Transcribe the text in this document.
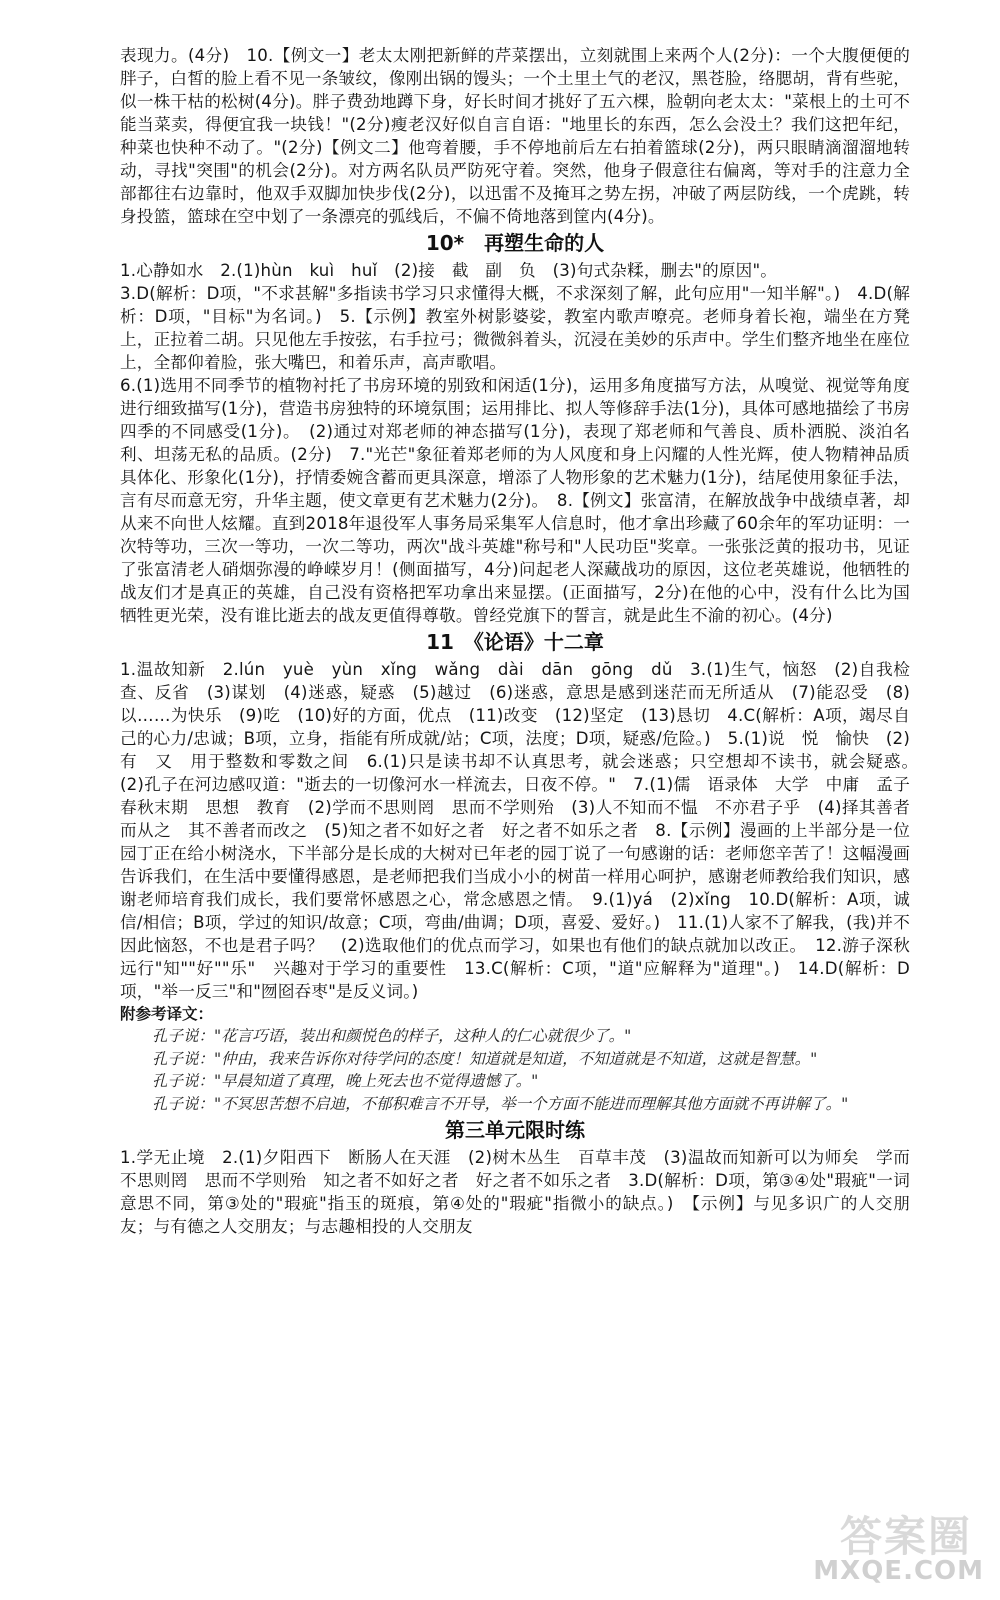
表现力。(4分)　10.【例文一】老太太刚把新鲜的芹菜摆出，立刻就围上来两个人(2分)：一个大腹便便的胖子，白皙的脸上看不见一条皱纹，像刚出锅的馒头；一个土里土气的老汉，黑苍脸，络腮胡，背有些驼，似一株干枯的松树(4分)。胖子费劲地蹲下身，好长时间才挑好了五六棵，脸朝向老太太："菜根上的土可不能当菜卖，得便宜我一块钱！"(2分)瘦老汉好似自言自语："地里长的东西，怎么会没土？我们这把年纪，种菜也快种不动了。"(2分)【例文二】他弯着腰，手不停地前后左右拍着篮球(2分)，两只眼睛滴溜溜地转动，寻找"突围"的机会(2分)。对方两名队员严防死守着。突然，他身子假意往右偏离，等对手的注意力全部都往右边靠时，他双手双脚加快步伐(2分)，以迅雷不及掩耳之势左拐，冲破了两层防线，一个虎跳，转身投篮，篮球在空中划了一条漂亮的弧线后，不偏不倚地落到筐内(4分)。

10*　再塑生命的人

1.心静如水　2.(1)hùn　kuì　huǐ　(2)接　截　副　负　(3)句式杂糅，删去"的原因"。

3.D(解析：D项，"不求甚解"多指读书学习只求懂得大概，不求深刻了解，此句应用"一知半解"。)　4.D(解析：D项，"目标"为名词。)　5.【示例】教室外树影婆娑，教室内歌声嘹亮。老师身着长袍，端坐在方凳上，正拉着二胡。只见他左手按弦，右手拉弓；微微斜着头，沉浸在美妙的乐声中。学生们整齐地坐在座位上，全都仰着脸，张大嘴巴，和着乐声，高声歌唱。

6.(1)选用不同季节的植物衬托了书房环境的别致和闲适(1分)，运用多角度描写方法，从嗅觉、视觉等角度进行细致描写(1分)，营造书房独特的环境氛围；运用排比、拟人等修辞手法(1分)，具体可感地描绘了书房四季的不同感受(1分)。　(2)通过对郑老师的神态描写(1分)，表现了郑老师和气善良、质朴洒脱、淡泊名利、坦荡无私的品质。(2分)　7."光芒"象征着郑老师的为人风度和身上闪耀的人性光辉，使人物精神品质具体化、形象化(1分)，抒情委婉含蓄而更具深意，增添了人物形象的艺术魅力(1分)，结尾使用象征手法，言有尽而意无穷，升华主题，使文章更有艺术魅力(2分)。　8.【例文】张富清，在解放战争中战绩卓著，却从来不向世人炫耀。直到2018年退役军人事务局采集军人信息时，他才拿出珍藏了60余年的军功证明：一次特等功，三次一等功，一次二等功，两次"战斗英雄"称号和"人民功臣"奖章。一张张泛黄的报功书，见证了张富清老人硝烟弥漫的峥嵘岁月！(侧面描写，4分)问起老人深藏战功的原因，这位老英雄说，他牺牲的战友们才是真正的英雄，自己没有资格把军功拿出来显摆。(正面描写，2分)在他的心中，没有什么比为国牺牲更光荣，没有谁比逝去的战友更值得尊敬。曾经党旗下的誓言，就是此生不渝的初心。(4分)

11　《论语》十二章

1.温故知新　2.lún　yuè　yùn　xǐng　wǎng　dài　dān　gōng　dǔ　3.(1)生气，恼怒　(2)自我检查、反省　(3)谋划　(4)迷惑，疑惑　(5)越过　(6)迷惑，意思是感到迷茫而无所适从　(7)能忍受　(8)以……为快乐　(9)吃　(10)好的方面，优点　(11)改变　(12)坚定　(13)恳切　4.C(解析：A项，竭尽自己的心力/忠诚；B项，立身，指能有所成就/站；C项，法度；D项，疑惑/危险。)　5.(1)说　悦　愉快　(2)有　又　用于整数和零数之间　6.(1)只是读书却不认真思考，就会迷惑；只空想却不读书，就会疑惑。　(2)孔子在河边感叹道："逝去的一切像河水一样流去，日夜不停。"　7.(1)儒　语录体　大学　中庸　孟子　春秋末期　思想　教育　(2)学而不思则罔　思而不学则殆　(3)人不知而不愠　不亦君子乎　(4)择其善者而从之　其不善者而改之　(5)知之者不如好之者　好之者不如乐之者　8.【示例】漫画的上半部分是一位园丁正在给小树浇水，下半部分是长成的大树对已年老的园丁说了一句感谢的话：老师您辛苦了！这幅漫画告诉我们，在生活中要懂得感恩，是老师把我们当成小小的树苗一样用心呵护，感谢老师教给我们知识，感谢老师培育我们成长，我们要常怀感恩之心，常念感恩之情。　9.(1)yá　(2)xǐng　10.D(解析：A项，诚信/相信；B项，学过的知识/故意；C项，弯曲/曲调；D项，喜爱、爱好。)　11.(1)人家不了解我，(我)并不因此恼怒，不也是君子吗？　(2)选取他们的优点而学习，如果也有他们的缺点就加以改正。　12.游子深秋远行"知""好""乐"　兴趣对于学习的重要性　13.C(解析：C项，"道"应解释为"道理"。)　14.D(解析：D项，"举一反三"和"囫囵吞枣"是反义词。)

附参考译文：

孔子说："花言巧语，装出和颜悦色的样子，这种人的仁心就很少了。"

孔子说："仲由，我来告诉你对待学问的态度！知道就是知道，不知道就是不知道，这就是智慧。"

孔子说："早晨知道了真理，晚上死去也不觉得遗憾了。"

孔子说："不冥思苦想不启迪，不郁积难言不开导，举一个方面不能进而理解其他方面就不再讲解了。"

第三单元限时练

1.学无止境　2.(1)夕阳西下　断肠人在天涯　(2)树木丛生　百草丰茂　(3)温故而知新可以为师矣　学而不思则罔　思而不学则殆　知之者不如好之者　好之者不如乐之者　3.D(解析：D项，第③④处"瑕疵"一词意思不同，第③处的"瑕疵"指玉的斑痕，第④处的"瑕疵"指微小的缺点。)　【示例】与见多识广的人交朋友；与有德之人交朋友；与志趣相投的人交朋友

答案圈
MXQE.COM
